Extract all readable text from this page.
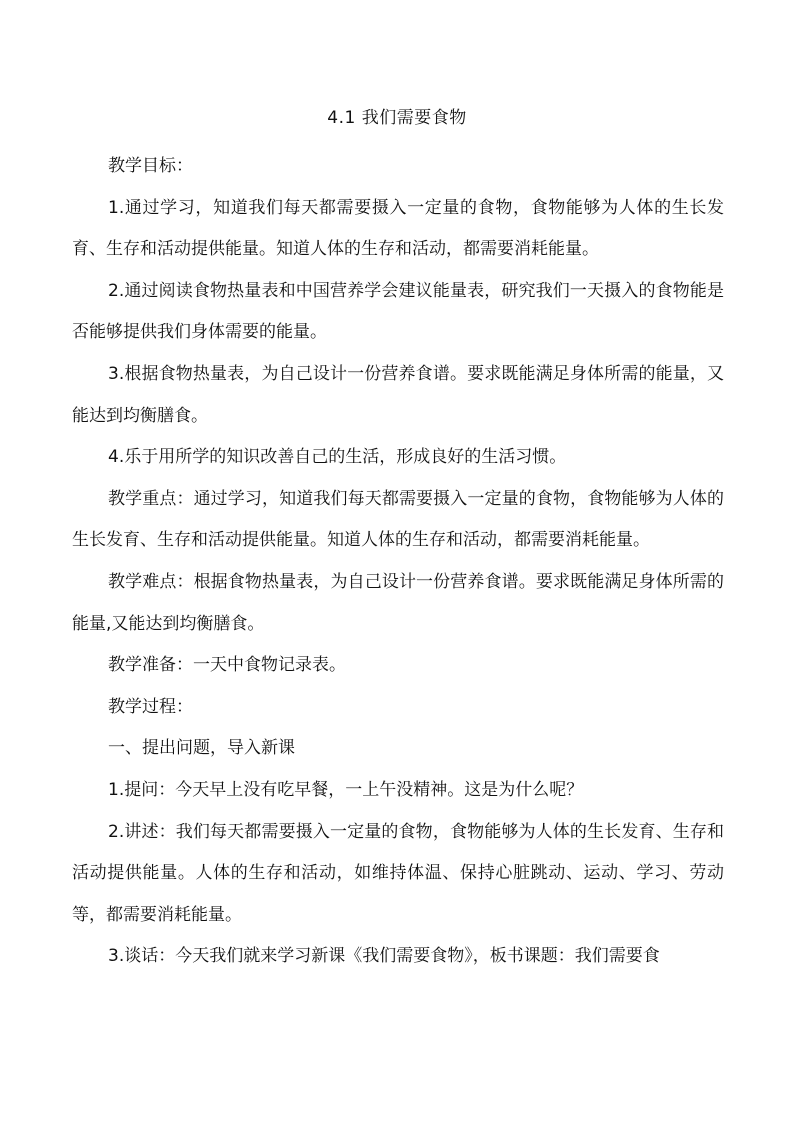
4.1 我们需要食物

教学目标：

1.通过学习，知道我们每天都需要摄入一定量的食物，食物能够为人体的生长发育、生存和活动提供能量。知道人体的生存和活动，都需要消耗能量。

2.通过阅读食物热量表和中国营养学会建议能量表，研究我们一天摄入的食物能是否能够提供我们身体需要的能量。

3.根据食物热量表，为自己设计一份营养食谱。要求既能满足身体所需的能量，又能达到均衡膳食。

4.乐于用所学的知识改善自己的生活，形成良好的生活习惯。

教学重点：通过学习，知道我们每天都需要摄入一定量的食物，食物能够为人体的生长发育、生存和活动提供能量。知道人体的生存和活动，都需要消耗能量。

教学难点：根据食物热量表，为自己设计一份营养食谱。要求既能满足身体所需的能量,又能达到均衡膳食。

教学准备：一天中食物记录表。

教学过程：

一、提出问题，导入新课

1.提问：今天早上没有吃早餐，一上午没精神。这是为什么呢？

2.讲述：我们每天都需要摄入一定量的食物，食物能够为人体的生长发育、生存和活动提供能量。人体的生存和活动，如维持体温、保持心脏跳动、运动、学习、劳动等，都需要消耗能量。

3.谈话：今天我们就来学习新课《我们需要食物》，板书课题：我们需要食
